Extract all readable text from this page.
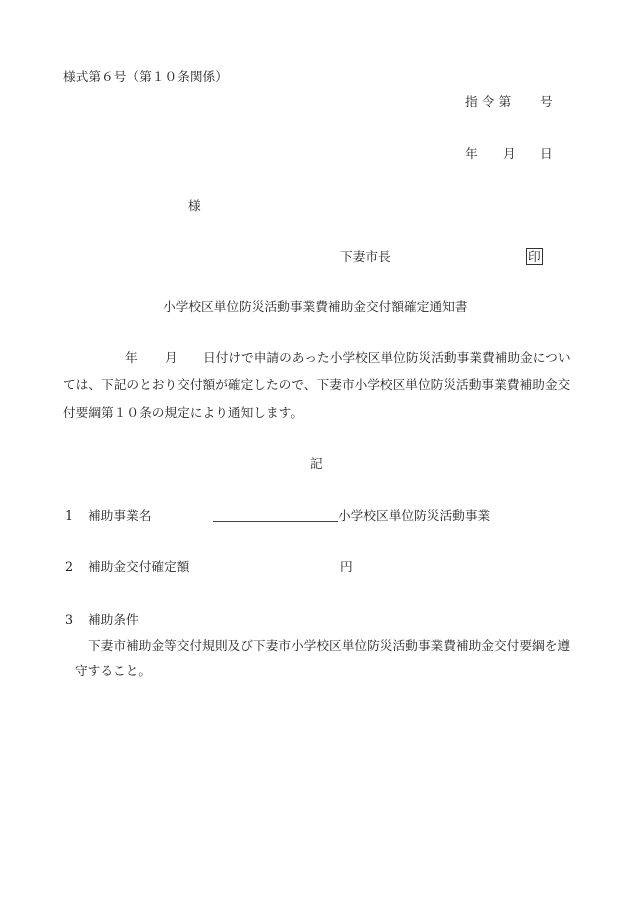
様式第６号（第１０条関係）
指 令 第 号
年 月 日
様
下妻市長	印
小学校区単位防災活動事業費補助金交付額確定通知書
年 月 日付けで申請のあった小学校区単位防災活動事業費補助金につい
ては、下記のとおり交付額が確定したので、下妻市小学校区単位防災活動事業費補助金交
付要綱第１０条の規定により通知します。
記
1 補助事業名	小学校区単位防災活動事業
2 補助金交付確定額	円
3 補助条件
下妻市補助金等交付規則及び下妻市小学校区単位防災活動事業費補助金交付要綱を遵
守すること。
